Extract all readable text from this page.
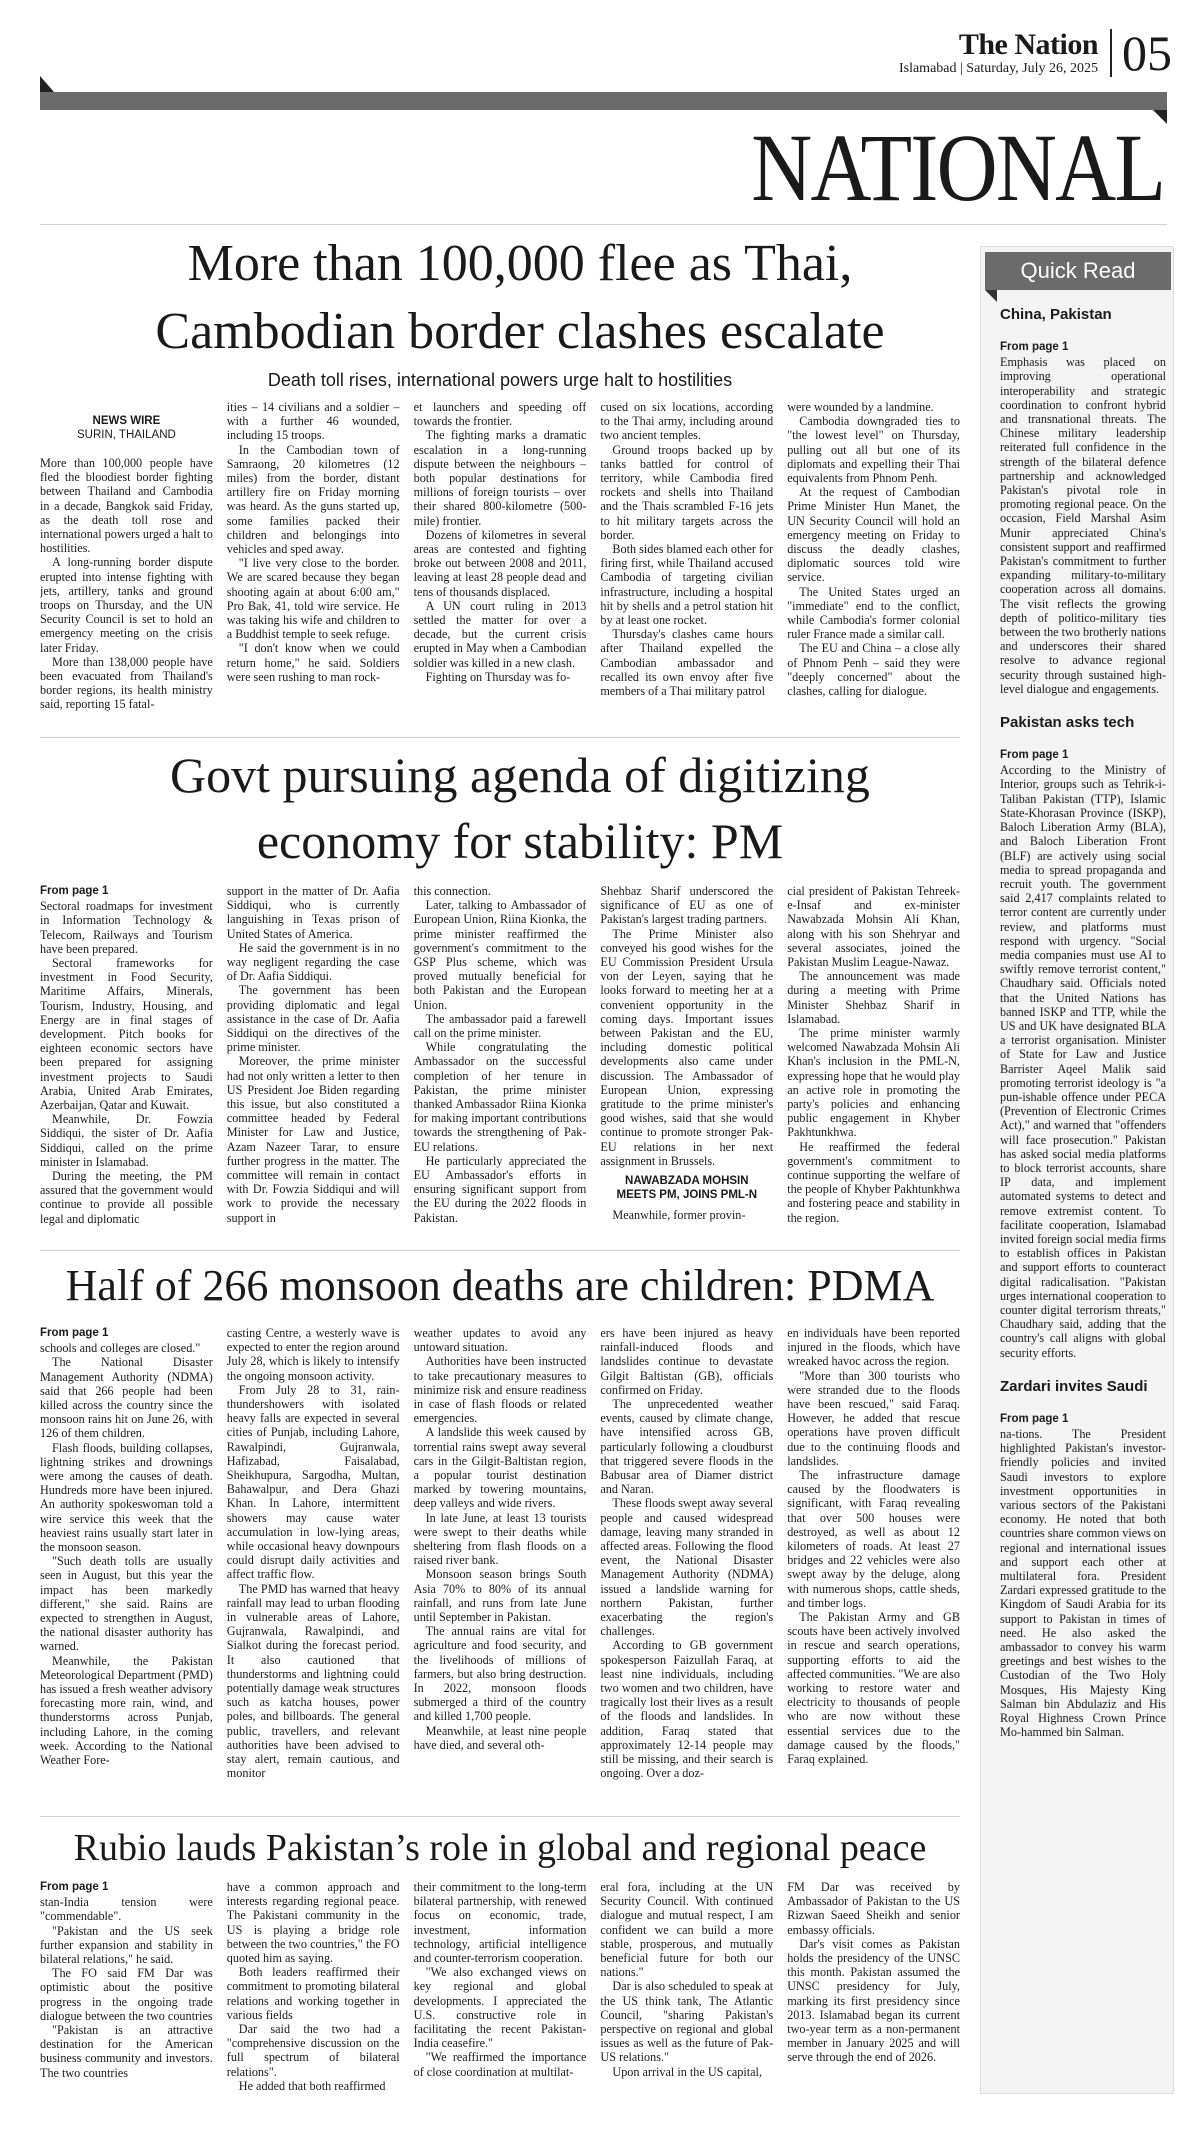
The Nation
Islamabad | Saturday, July 26, 2025 05
NATIONAL
More than 100,000 flee as Thai, Cambodian border clashes escalate
Death toll rises, international powers urge halt to hostilities
NEWS WIRE
SURIN, THAILAND

More than 100,000 people have fled the bloodiest border fighting between Thailand and Cambodia in a decade, Bangkok said Friday, as the death toll rose and international powers urged a halt to hostilities.

A long-running border dispute erupted into intense fighting with jets, artillery, tanks and ground troops on Thursday, and the UN Security Council is set to hold an emergency meeting on the crisis later Friday.

More than 138,000 people have been evacuated from Thailand's border regions, its health ministry said, reporting 15 fatal-

ities – 14 civilians and a soldier – with a further 46 wounded, including 15 troops.

In the Cambodian town of Samraong, 20 kilometres (12 miles) from the border, distant artillery fire on Friday morning was heard. As the guns started up, some families packed their children and belongings into vehicles and sped away.

"I live very close to the border. We are scared because they began shooting again at about 6:00 am," Pro Bak, 41, told wire service. He was taking his wife and children to a Buddhist temple to seek refuge.

"I don't know when we could return home," he said. Soldiers were seen rushing to man rock-

et launchers and speeding off towards the frontier.

The fighting marks a dramatic escalation in a long-running dispute between the neighbours – both popular destinations for millions of foreign tourists – over their shared 800-kilometre (500-mile) frontier.

Dozens of kilometres in several areas are contested and fighting broke out between 2008 and 2011, leaving at least 28 people dead and tens of thousands displaced.

A UN court ruling in 2013 settled the matter for over a decade, but the current crisis erupted in May when a Cambodian soldier was killed in a new clash.

Fighting on Thursday was fo-

cused on six locations, according to the Thai army, including around two ancient temples.

Ground troops backed up by tanks battled for control of territory, while Cambodia fired rockets and shells into Thailand and the Thais scrambled F-16 jets to hit military targets across the border.

Both sides blamed each other for firing first, while Thailand accused Cambodia of targeting civilian infrastructure, including a hospital hit by shells and a petrol station hit by at least one rocket.

Thursday's clashes came hours after Thailand expelled the Cambodian ambassador and recalled its own envoy after five members of a Thai military patrol

were wounded by a landmine.

Cambodia downgraded ties to "the lowest level" on Thursday, pulling out all but one of its diplomats and expelling their Thai equivalents from Phnom Penh.

At the request of Cambodian Prime Minister Hun Manet, the UN Security Council will hold an emergency meeting on Friday to discuss the deadly clashes, diplomatic sources told wire service.

The United States urged an "immediate" end to the conflict, while Cambodia's former colonial ruler France made a similar call.

The EU and China – a close ally of Phnom Penh – said they were "deeply concerned" about the clashes, calling for dialogue.

Govt pursuing agenda of digitizing economy for stability: PM
From page 1

Sectoral roadmaps for investment in Information Technology & Telecom, Railways and Tourism have been prepared.

Sectoral frameworks for investment in Food Security, Maritime Affairs, Minerals, Tourism, Industry, Housing, and Energy are in final stages of development. Pitch books for eighteen economic sectors have been prepared for assigning investment projects to Saudi Arabia, United Arab Emirates, Azerbaijan, Qatar and Kuwait.

Meanwhile, Dr. Fowzia Siddiqui, the sister of Dr. Aafia Siddiqui, called on the prime minister in Islamabad.

During the meeting, the PM assured that the government would continue to provide all possible legal and diplomatic

support in the matter of Dr. Aafia Siddiqui, who is currently languishing in Texas prison of United States of America.

He said the government is in no way negligent regarding the case of Dr. Aafia Siddiqui.

The government has been providing diplomatic and legal assistance in the case of Dr. Aafia Siddiqui on the directives of the prime minister.

Moreover, the prime minister had not only written a letter to then US President Joe Biden regarding this issue, but also constituted a committee headed by Federal Minister for Law and Justice, Azam Nazeer Tarar, to ensure further progress in the matter. The committee will remain in contact with Dr. Fowzia Siddiqui and will work to provide the necessary support in

this connection.

Later, talking to Ambassador of European Union, Riina Kionka, the prime minister reaffirmed the government's commitment to the GSP Plus scheme, which was proved mutually beneficial for both Pakistan and the European Union.

The ambassador paid a farewell call on the prime minister.

While congratulating the Ambassador on the successful completion of her tenure in Pakistan, the prime minister thanked Ambassador Riina Kionka for making important contributions towards the strengthening of Pak-EU relations.

He particularly appreciated the EU Ambassador's efforts in ensuring significant support from the EU during the 2022 floods in Pakistan.

Shehbaz Sharif underscored the significance of EU as one of Pakistan's largest trading partners.

The Prime Minister also conveyed his good wishes for the EU Commission President Ursula von der Leyen, saying that he looks forward to meeting her at a convenient opportunity in the coming days. Important issues between Pakistan and the EU, including domestic political developments also came under discussion. The Ambassador of European Union, expressing gratitude to the prime minister's good wishes, said that she would continue to promote stronger Pak-EU relations in her next assignment in Brussels.

NAWABZADA MOHSIN
MEETS PM, JOINS PML-N

Meanwhile, former provin-

cial president of Pakistan Tehreek-e-Insaf and ex-minister Nawabzada Mohsin Ali Khan, along with his son Shehryar and several associates, joined the Pakistan Muslim League-Nawaz.

The announcement was made during a meeting with Prime Minister Shehbaz Sharif in Islamabad.

The prime minister warmly welcomed Nawabzada Mohsin Ali Khan's inclusion in the PML-N, expressing hope that he would play an active role in promoting the party's policies and enhancing public engagement in Khyber Pakhtunkhwa.

He reaffirmed the federal government's commitment to continue supporting the welfare of the people of Khyber Pakhtunkhwa and fostering peace and stability in the region.

Half of 266 monsoon deaths are children: PDMA
From page 1

schools and colleges are closed."

The National Disaster Management Authority (NDMA) said that 266 people had been killed across the country since the monsoon rains hit on June 26, with 126 of them children.

Flash floods, building collapses, lightning strikes and drownings were among the causes of death. Hundreds more have been injured. An authority spokeswoman told a wire service this week that the heaviest rains usually start later in the monsoon season.

"Such death tolls are usually seen in August, but this year the impact has been markedly different," she said. Rains are expected to strengthen in August, the national disaster authority has warned.

Meanwhile, the Pakistan Meteorological Department (PMD) has issued a fresh weather advisory forecasting more rain, wind, and thunderstorms across Punjab, including Lahore, in the coming week. According to the National Weather Fore-

casting Centre, a westerly wave is expected to enter the region around July 28, which is likely to intensify the ongoing monsoon activity.

From July 28 to 31, rain-thundershowers with isolated heavy falls are expected in several cities of Punjab, including Lahore, Rawalpindi, Gujranwala, Hafizabad, Faisalabad, Sheikhupura, Sargodha, Multan, Bahawalpur, and Dera Ghazi Khan. In Lahore, intermittent showers may cause water accumulation in low-lying areas, while occasional heavy downpours could disrupt daily activities and affect traffic flow.

The PMD has warned that heavy rainfall may lead to urban flooding in vulnerable areas of Lahore, Gujranwala, Rawalpindi, and Sialkot during the forecast period. It also cautioned that thunderstorms and lightning could potentially damage weak structures such as katcha houses, power poles, and billboards. The general public, travellers, and relevant authorities have been advised to stay alert, remain cautious, and monitor

weather updates to avoid any untoward situation.

Authorities have been instructed to take precautionary measures to minimize risk and ensure readiness in case of flash floods or related emergencies.

A landslide this week caused by torrential rains swept away several cars in the Gilgit-Baltistan region, a popular tourist destination marked by towering mountains, deep valleys and wide rivers.

In late June, at least 13 tourists were swept to their deaths while sheltering from flash floods on a raised river bank.

Monsoon season brings South Asia 70% to 80% of its annual rainfall, and runs from late June until September in Pakistan.

The annual rains are vital for agriculture and food security, and the livelihoods of millions of farmers, but also bring destruction. In 2022, monsoon floods submerged a third of the country and killed 1,700 people.

Meanwhile, at least nine people have died, and several oth-

ers have been injured as heavy rainfall-induced floods and landslides continue to devastate Gilgit Baltistan (GB), officials confirmed on Friday.

The unprecedented weather events, caused by climate change, have intensified across GB, particularly following a cloudburst that triggered severe floods in the Babusar area of Diamer district and Naran.

These floods swept away several people and caused widespread damage, leaving many stranded in affected areas. Following the flood event, the National Disaster Management Authority (NDMA) issued a landslide warning for northern Pakistan, further exacerbating the region's challenges.

According to GB government spokesperson Faizullah Faraq, at least nine individuals, including two women and two children, have tragically lost their lives as a result of the floods and landslides. In addition, Faraq stated that approximately 12-14 people may still be missing, and their search is ongoing. Over a doz-

en individuals have been reported injured in the floods, which have wreaked havoc across the region.

"More than 300 tourists who were stranded due to the floods have been rescued," said Faraq. However, he added that rescue operations have proven difficult due to the continuing floods and landslides.

The infrastructure damage caused by the floodwaters is significant, with Faraq revealing that over 500 houses were destroyed, as well as about 12 kilometers of roads. At least 27 bridges and 22 vehicles were also swept away by the deluge, along with numerous shops, cattle sheds, and timber logs.

The Pakistan Army and GB scouts have been actively involved in rescue and search operations, supporting efforts to aid the affected communities. "We are also working to restore water and electricity to thousands of people who are now without these essential services due to the damage caused by the floods," Faraq explained.

Rubio lauds Pakistan’s role in global and regional peace
From page 1

stan-India tension were "commendable".

"Pakistan and the US seek further expansion and stability in bilateral relations," he said.

The FO said FM Dar was optimistic about the positive progress in the ongoing trade dialogue between the two countries

"Pakistan is an attractive destination for the American business community and investors. The two countries

have a common approach and interests regarding regional peace. The Pakistani community in the US is playing a bridge role between the two countries," the FO quoted him as saying.

Both leaders reaffirmed their commitment to promoting bilateral relations and working together in various fields

Dar said the two had a "comprehensive discussion on the full spectrum of bilateral relations".

He added that both reaffirmed

their commitment to the long-term bilateral partnership, with renewed focus on economic, trade, investment, information technology, artificial intelligence and counter-terrorism cooperation.

"We also exchanged views on key regional and global developments. I appreciated the U.S. constructive role in facilitating the recent Pakistan-India ceasefire."

"We reaffirmed the importance of close coordination at multilat-

eral fora, including at the UN Security Council. With continued dialogue and mutual respect, I am confident we can build a more stable, prosperous, and mutually beneficial future for both our nations."

Dar is also scheduled to speak at the US think tank, The Atlantic Council, "sharing Pakistan's perspective on regional and global issues as well as the future of Pak-US relations."

Upon arrival in the US capital,

FM Dar was received by Ambassador of Pakistan to the US Rizwan Saeed Sheikh and senior embassy officials.

Dar's visit comes as Pakistan holds the presidency of the UNSC this month. Pakistan assumed the UNSC presidency for July, marking its first presidency since 2013. Islamabad began its current two-year term as a non-permanent member in January 2025 and will serve through the end of 2026.

Quick Read
China, Pakistan
From page 1

Emphasis was placed on improving operational interoperability and strategic coordination to confront hybrid and transnational threats. The Chinese military leadership reiterated full confidence in the strength of the bilateral defence partnership and acknowledged Pakistan's pivotal role in promoting regional peace. On the occasion, Field Marshal Asim Munir appreciated China's consistent support and reaffirmed Pakistan's commitment to further expanding military-to-military cooperation across all domains. The visit reflects the growing depth of politico-military ties between the two brotherly nations and underscores their shared resolve to advance regional security through sustained high-level dialogue and engagements.

Pakistan asks tech
From page 1

According to the Ministry of Interior, groups such as Tehrik-i-Taliban Pakistan (TTP), Islamic State-Khorasan Province (ISKP), Baloch Liberation Army (BLA), and Baloch Liberation Front (BLF) are actively using social media to spread propaganda and recruit youth. The government said 2,417 complaints related to terror content are currently under review, and platforms must respond with urgency. "Social media companies must use AI to swiftly remove terrorist content," Chaudhary said. Officials noted that the United Nations has banned ISKP and TTP, while the US and UK have designated BLA a terrorist organisation. Minister of State for Law and Justice Barrister Aqeel Malik said promoting terrorist ideology is "a pun-ishable offence under PECA (Prevention of Electronic Crimes Act)," and warned that "offenders will face prosecution." Pakistan has asked social media platforms to block terrorist accounts, share IP data, and implement automated systems to detect and remove extremist content. To facilitate cooperation, Islamabad invited foreign social media firms to establish offices in Pakistan and support efforts to counteract digital radicalisation. "Pakistan urges international cooperation to counter digital terrorism threats," Chaudhary said, adding that the country's call aligns with global security efforts.

Zardari invites Saudi
From page 1

na-tions. The President highlighted Pakistan's investor-friendly policies and invited Saudi investors to explore investment opportunities in various sectors of the Pakistani economy. He noted that both countries share common views on regional and international issues and support each other at multilateral fora. President Zardari expressed gratitude to the Kingdom of Saudi Arabia for its support to Pakistan in times of need. He also asked the ambassador to convey his warm greetings and best wishes to the Custodian of the Two Holy Mosques, His Majesty King Salman bin Abdulaziz and His Royal Highness Crown Prince Mo-hammed bin Salman.
